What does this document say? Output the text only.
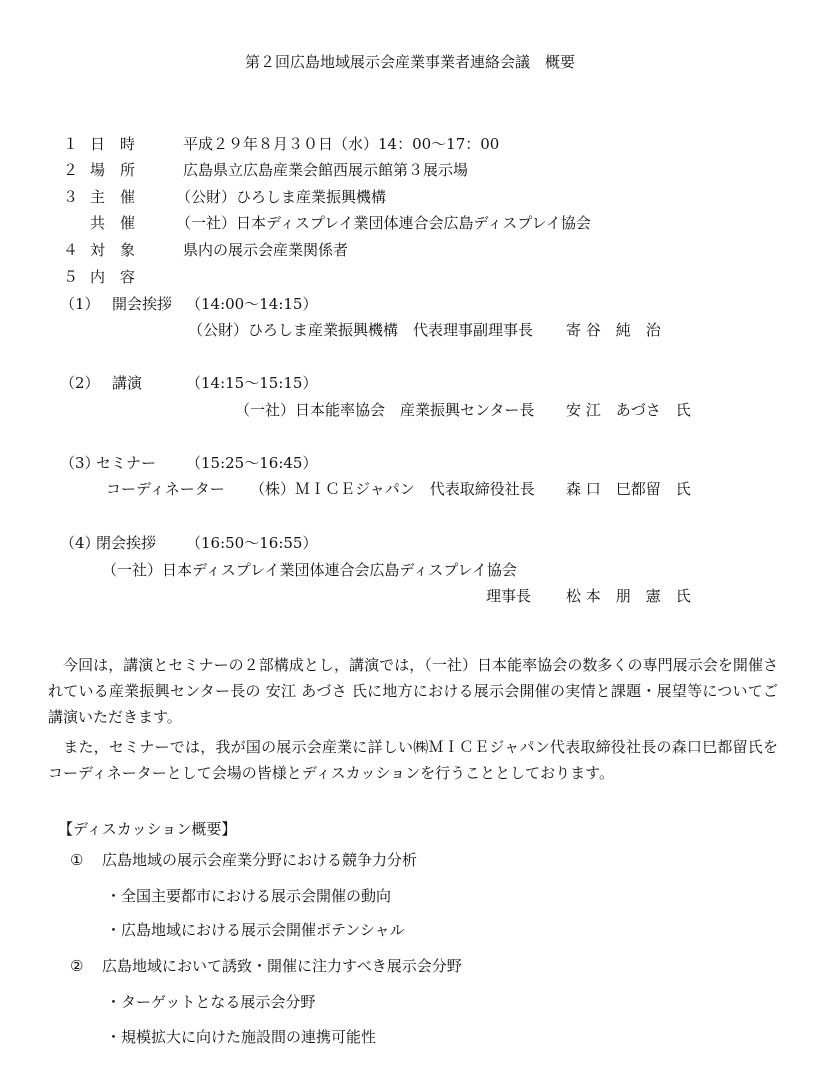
第２回広島地域展示会産業事業者連絡会議　概要
１ 日　時	平成２９年８月３０日（水）14：00～17：00
２ 場　所	広島県立広島産業会館西展示館第３展示場
３ 主　催	（公財）ひろしま産業振興機構
共　催	（一社）日本ディスプレイ業団体連合会広島ディスプレイ協会
４ 対　象	県内の展示会産業関係者
５ 内　容
（1） 開会挨拶 （14:00～14:15）
（公財）ひろしま産業振興機構　代表理事副理事長 寄 谷　純　治
（2） 講演	（14:15～15:15）
（一社）日本能率協会　産業振興センター長 安 江　あづさ　氏
（3）
セミナー （15:25～16:45）
コーディネーター （株）ＭＩＣＥジャパン　代表取締役社長 森 口　巳都留　氏
（4）
閉会挨拶 （16:50～16:55）
（一社）日本ディスプレイ業団体連合会広島ディスプレイ協会
理事長 松 本　朋　憲　氏
　今回は，講演とセミナーの２部構成とし，講演では，（一社）日本能率協会の数多くの専門展示会を開催されている産業振興センター長の 安江 あづさ 氏に地方における展示会開催の実情と課題・展望等についてご講演いただきます。
　また，セミナーでは，我が国の展示会産業に詳しい㈱ＭＩＣＥジャパン代表取締役社長の森口巳都留氏をコーディネーターとして会場の皆様とディスカッションを行うこととしております。
【ディスカッション概要】
① 広島地域の展示会産業分野における競争力分析
・全国主要都市における展示会開催の動向
・広島地域における展示会開催ポテンシャル
② 広島地域において誘致・開催に注力すべき展示会分野
・ターゲットとなる展示会分野
・規模拡大に向けた施設間の連携可能性
